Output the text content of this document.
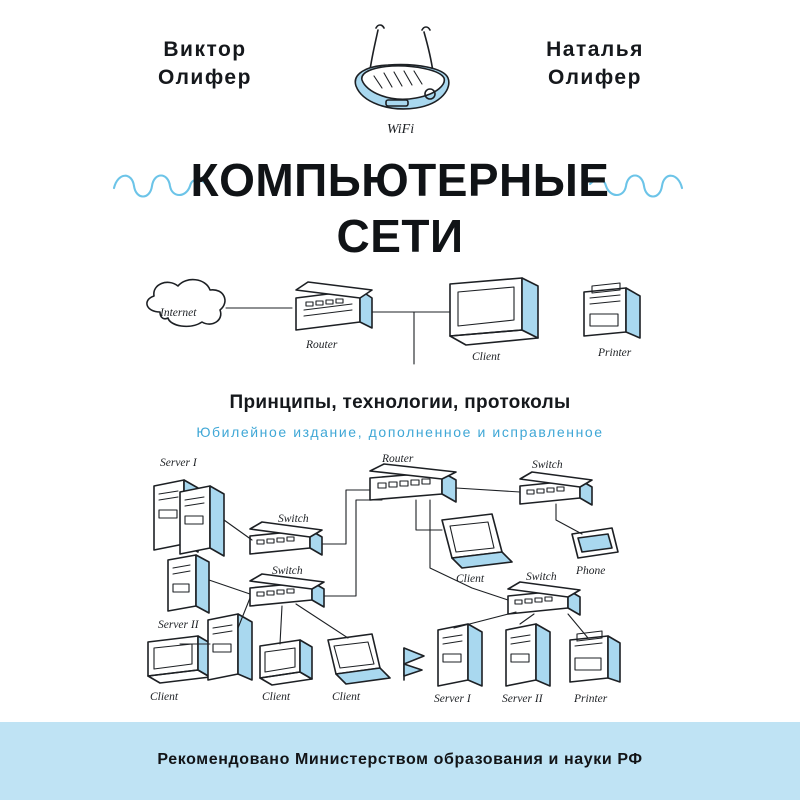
Виктор
Олифер
Наталья
Олифер
WiFi
КОМПЬЮТЕРНЫЕ
СЕТИ
Internet
Router
Client	Printer
Принципы, технологии, протоколы
Юбилейное издание, дополненное и исправленное
Server I
Server II
Router	Switch
Switch
Switch	Switch
Client
Phone
Client	Client	Client	Server I	Server II	Printer
Рекомендовано Министерством образования и науки РФ
